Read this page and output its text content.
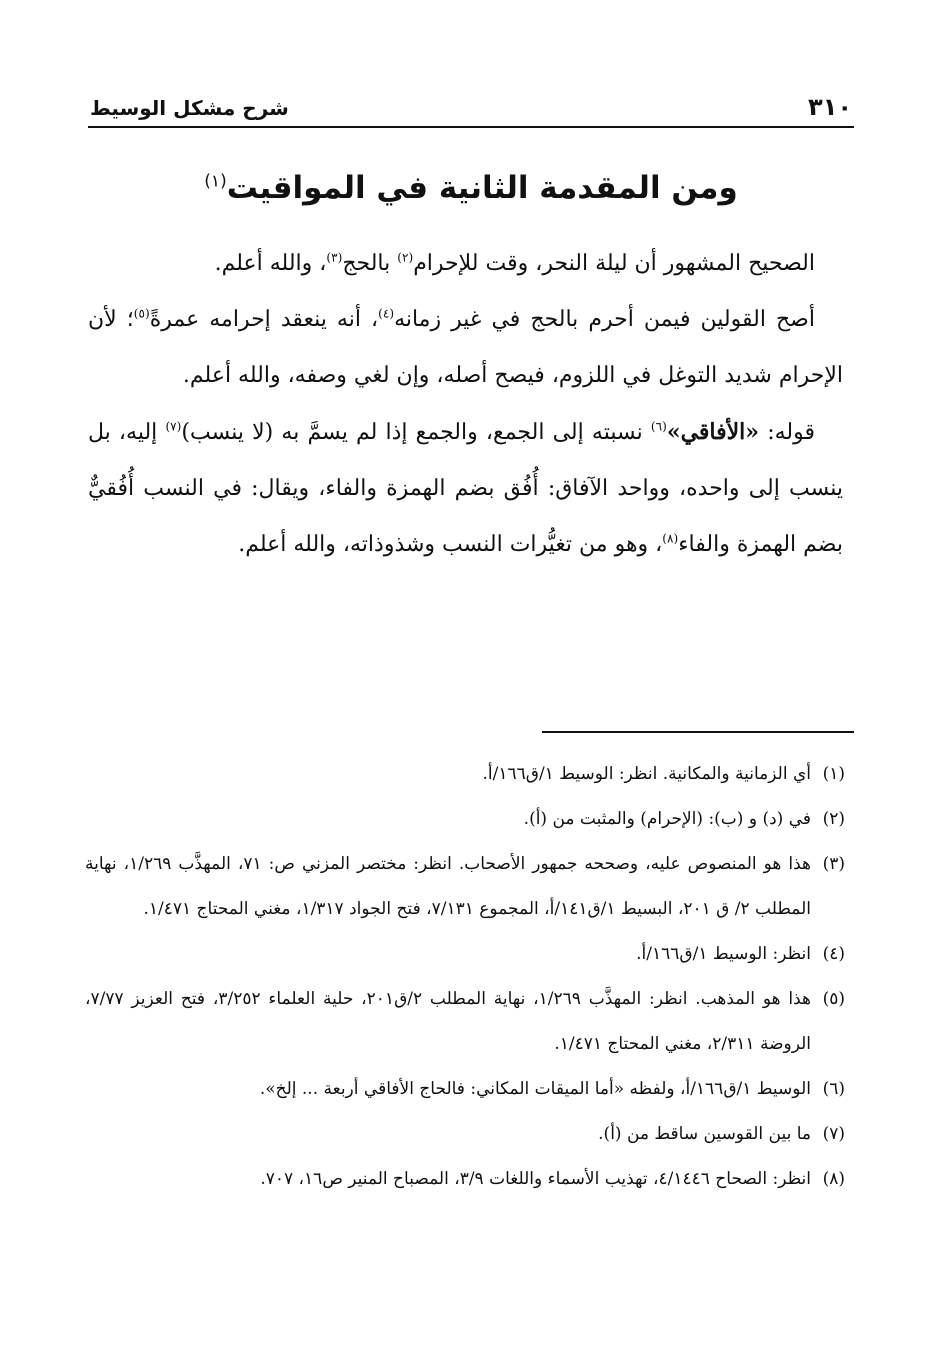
٣١٠
شرح مشكل الوسيط
ومن المقدمة الثانية في المواقيت$^{(١)}$

الصحيح المشهور أن ليلة النحر، وقت للإحرام$^{(٢)}$ بالحج$^{(٣)}$، والله أعلم.

أصح القولين فيمن أحرم بالحج في غير زمانه$^{(٤)}$، أنه ينعقد إحرامه عمرةً$^{(٥)}$؛ لأن الإحرام شديد التوغل في اللزوم، فيصح أصله، وإن لغي وصفه، والله أعلم.

قوله: «الأفاقي»$^{(٦)}$ نسبته إلى الجمع، والجمع إذا لم يسمَّ به (لا ينسب)$^{(٧)}$ إليه، بل ينسب إلى واحده، وواحد الآفاق: أُفُق بضم الهمزة والفاء، ويقال: في النسب أُفُقيٌّ بضم الهمزة والفاء$^{(٨)}$، وهو من تغيُّرات النسب وشذوذاته، والله أعلم.

(١)أي الزمانية والمكانية. انظر: الوسيط ١/ق١٦٦/أ.

(٢)في (د) و (ب): (الإحرام) والمثبت من (أ).

(٣)هذا هو المنصوص عليه، وصححه جمهور الأصحاب. انظر: مختصر المزني ص: ٧١، المهذَّب ١/٢٦٩، نهاية المطلب ٢/ ق ٢٠١، البسيط ١/ق١٤١/أ، المجموع ٧/١٣١، فتح الجواد ١/٣١٧، مغني المحتاج ١/٤٧١.

(٤)انظر: الوسيط ١/ق١٦٦/أ.

(٥)هذا هو المذهب. انظر: المهذَّب ١/٢٦٩، نهاية المطلب ٢/ق٢٠١، حلية العلماء ٣/٢٥٢، فتح العزيز ٧/٧٧، الروضة ٢/٣١١، مغني المحتاج ١/٤٧١.

(٦)الوسيط ١/ق١٦٦/أ، ولفظه «أما الميقات المكاني: فالحاج الأفاقي أربعة ... إلخ».

(٧)ما بين القوسين ساقط من (أ).

(٨)انظر: الصحاح ٤/١٤٤٦، تهذيب الأسماء واللغات ٣/٩، المصباح المنير ص١٦، ٧٠٧.
